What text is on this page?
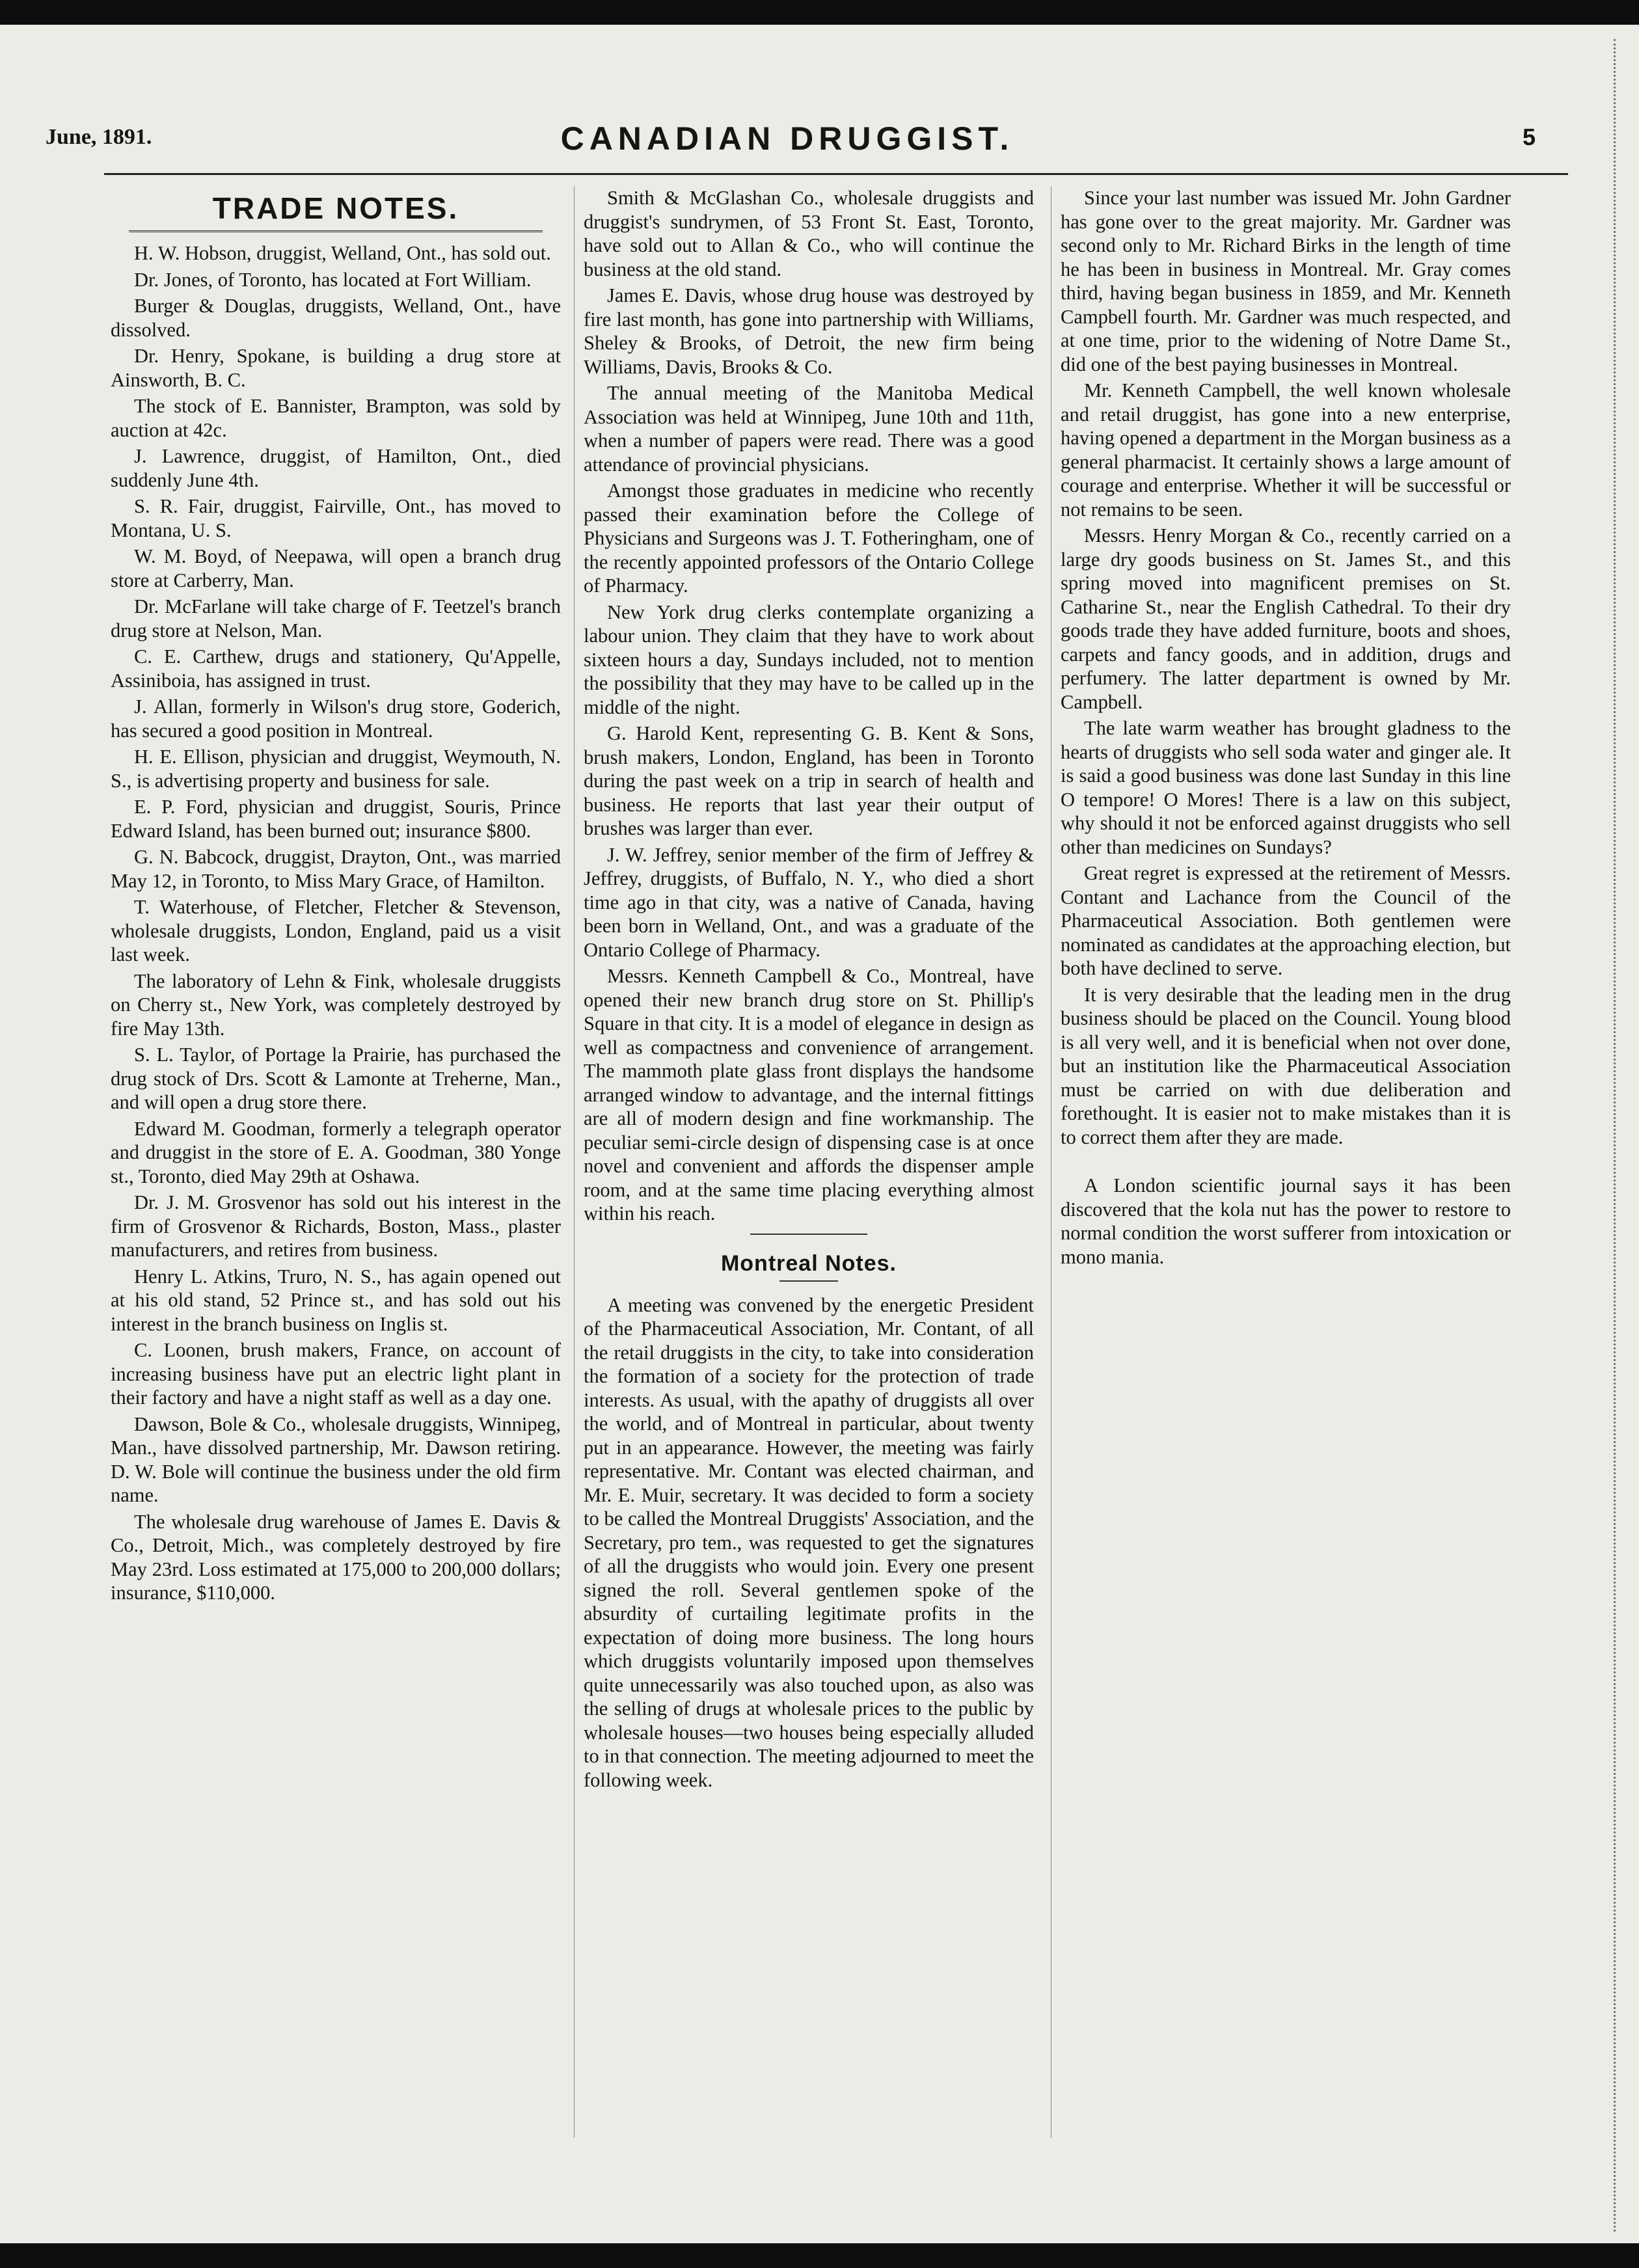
June, 1891.	CANADIAN DRUGGIST.	5
TRADE NOTES.

H. W. Hobson, druggist, Welland, Ont., has sold out.

Dr. Jones, of Toronto, has located at Fort William.

Burger & Douglas, druggists, Welland, Ont., have dissolved.

Dr. Henry, Spokane, is building a drug store at Ainsworth, B. C.

The stock of E. Bannister, Brampton, was sold by auction at 42c.

J. Lawrence, druggist, of Hamilton, Ont., died suddenly June 4th.

S. R. Fair, druggist, Fairville, Ont., has moved to Montana, U. S.

W. M. Boyd, of Neepawa, will open a branch drug store at Carberry, Man.

Dr. McFarlane will take charge of F. Teetzel's branch drug store at Nelson, Man.

C. E. Carthew, drugs and stationery, Qu'Appelle, Assiniboia, has assigned in trust.

J. Allan, formerly in Wilson's drug store, Goderich, has secured a good position in Montreal.

H. E. Ellison, physician and druggist, Weymouth, N. S., is advertising property and business for sale.

E. P. Ford, physician and druggist, Souris, Prince Edward Island, has been burned out; insurance $800.

G. N. Babcock, druggist, Drayton, Ont., was married May 12, in Toronto, to Miss Mary Grace, of Hamilton.

T. Waterhouse, of Fletcher, Fletcher & Stevenson, wholesale druggists, London, England, paid us a visit last week.

The laboratory of Lehn & Fink, wholesale druggists on Cherry st., New York, was completely destroyed by fire May 13th.

S. L. Taylor, of Portage la Prairie, has purchased the drug stock of Drs. Scott & Lamonte at Treherne, Man., and will open a drug store there.

Edward M. Goodman, formerly a telegraph operator and druggist in the store of E. A. Goodman, 380 Yonge st., Toronto, died May 29th at Oshawa.

Dr. J. M. Grosvenor has sold out his interest in the firm of Grosvenor & Richards, Boston, Mass., plaster manufacturers, and retires from business.

Henry L. Atkins, Truro, N. S., has again opened out at his old stand, 52 Prince st., and has sold out his interest in the branch business on Inglis st.

C. Loonen, brush makers, France, on account of increasing business have put an electric light plant in their factory and have a night staff as well as a day one.

Dawson, Bole & Co., wholesale druggists, Winnipeg, Man., have dissolved partnership, Mr. Dawson retiring. D. W. Bole will continue the business under the old firm name.

The wholesale drug warehouse of James E. Davis & Co., Detroit, Mich., was completely destroyed by fire May 23rd. Loss estimated at 175,000 to 200,000 dollars; insurance, $110,000.

Smith & McGlashan Co., wholesale druggists and druggist's sundrymen, of 53 Front St. East, Toronto, have sold out to Allan & Co., who will continue the business at the old stand.

James E. Davis, whose drug house was destroyed by fire last month, has gone into partnership with Williams, Sheley & Brooks, of Detroit, the new firm being Williams, Davis, Brooks & Co.

The annual meeting of the Manitoba Medical Association was held at Winnipeg, June 10th and 11th, when a number of papers were read. There was a good attendance of provincial physicians.

Amongst those graduates in medicine who recently passed their examination before the College of Physicians and Surgeons was J. T. Fotheringham, one of the recently appointed professors of the Ontario College of Pharmacy.

New York drug clerks contemplate organizing a labour union. They claim that they have to work about sixteen hours a day, Sundays included, not to mention the possibility that they may have to be called up in the middle of the night.

G. Harold Kent, representing G. B. Kent & Sons, brush makers, London, England, has been in Toronto during the past week on a trip in search of health and business. He reports that last year their output of brushes was larger than ever.

J. W. Jeffrey, senior member of the firm of Jeffrey & Jeffrey, druggists, of Buffalo, N. Y., who died a short time ago in that city, was a native of Canada, having been born in Welland, Ont., and was a graduate of the Ontario College of Pharmacy.

Messrs. Kenneth Campbell & Co., Montreal, have opened their new branch drug store on St. Phillip's Square in that city. It is a model of elegance in design as well as compactness and convenience of arrangement. The mammoth plate glass front displays the handsome arranged window to advantage, and the internal fittings are all of modern design and fine workmanship. The peculiar semi-circle design of dispensing case is at once novel and convenient and affords the dispenser ample room, and at the same time placing everything almost within his reach.

Montreal Notes.

A meeting was convened by the energetic President of the Pharmaceutical Association, Mr. Contant, of all the retail druggists in the city, to take into consideration the formation of a society for the protection of trade interests. As usual, with the apathy of druggists all over the world, and of Montreal in particular, about twenty put in an appearance. However, the meeting was fairly representative. Mr. Contant was elected chairman, and Mr. E. Muir, secretary. It was decided to form a society to be called the Montreal Druggists' Association, and the Secretary, pro tem., was requested to get the signatures of all the druggists who would join. Every one present signed the roll. Several gentlemen spoke of the absurdity of curtailing legitimate profits in the expectation of doing more business. The long hours which druggists voluntarily imposed upon themselves quite unnecessarily was also touched upon, as also was the selling of drugs at wholesale prices to the public by wholesale houses—two houses being especially alluded to in that connection. The meeting adjourned to meet the following week.

Since your last number was issued Mr. John Gardner has gone over to the great majority. Mr. Gardner was second only to Mr. Richard Birks in the length of time he has been in business in Montreal. Mr. Gray comes third, having began business in 1859, and Mr. Kenneth Campbell fourth. Mr. Gardner was much respected, and at one time, prior to the widening of Notre Dame St., did one of the best paying businesses in Montreal.

Mr. Kenneth Campbell, the well known wholesale and retail druggist, has gone into a new enterprise, having opened a department in the Morgan business as a general pharmacist. It certainly shows a large amount of courage and enterprise. Whether it will be successful or not remains to be seen.

Messrs. Henry Morgan & Co., recently carried on a large dry goods business on St. James St., and this spring moved into magnificent premises on St. Catharine St., near the English Cathedral. To their dry goods trade they have added furniture, boots and shoes, carpets and fancy goods, and in addition, drugs and perfumery. The latter department is owned by Mr. Campbell.

The late warm weather has brought gladness to the hearts of druggists who sell soda water and ginger ale. It is said a good business was done last Sunday in this line O tempore! O Mores! There is a law on this subject, why should it not be enforced against druggists who sell other than medicines on Sundays?

Great regret is expressed at the retirement of Messrs. Contant and Lachance from the Council of the Pharmaceutical Association. Both gentlemen were nominated as candidates at the approaching election, but both have declined to serve.

It is very desirable that the leading men in the drug business should be placed on the Council. Young blood is all very well, and it is beneficial when not over done, but an institution like the Pharmaceutical Association must be carried on with due deliberation and forethought. It is easier not to make mistakes than it is to correct them after they are made.

A London scientific journal says it has been discovered that the kola nut has the power to restore to normal condition the worst sufferer from intoxication or mono mania.
